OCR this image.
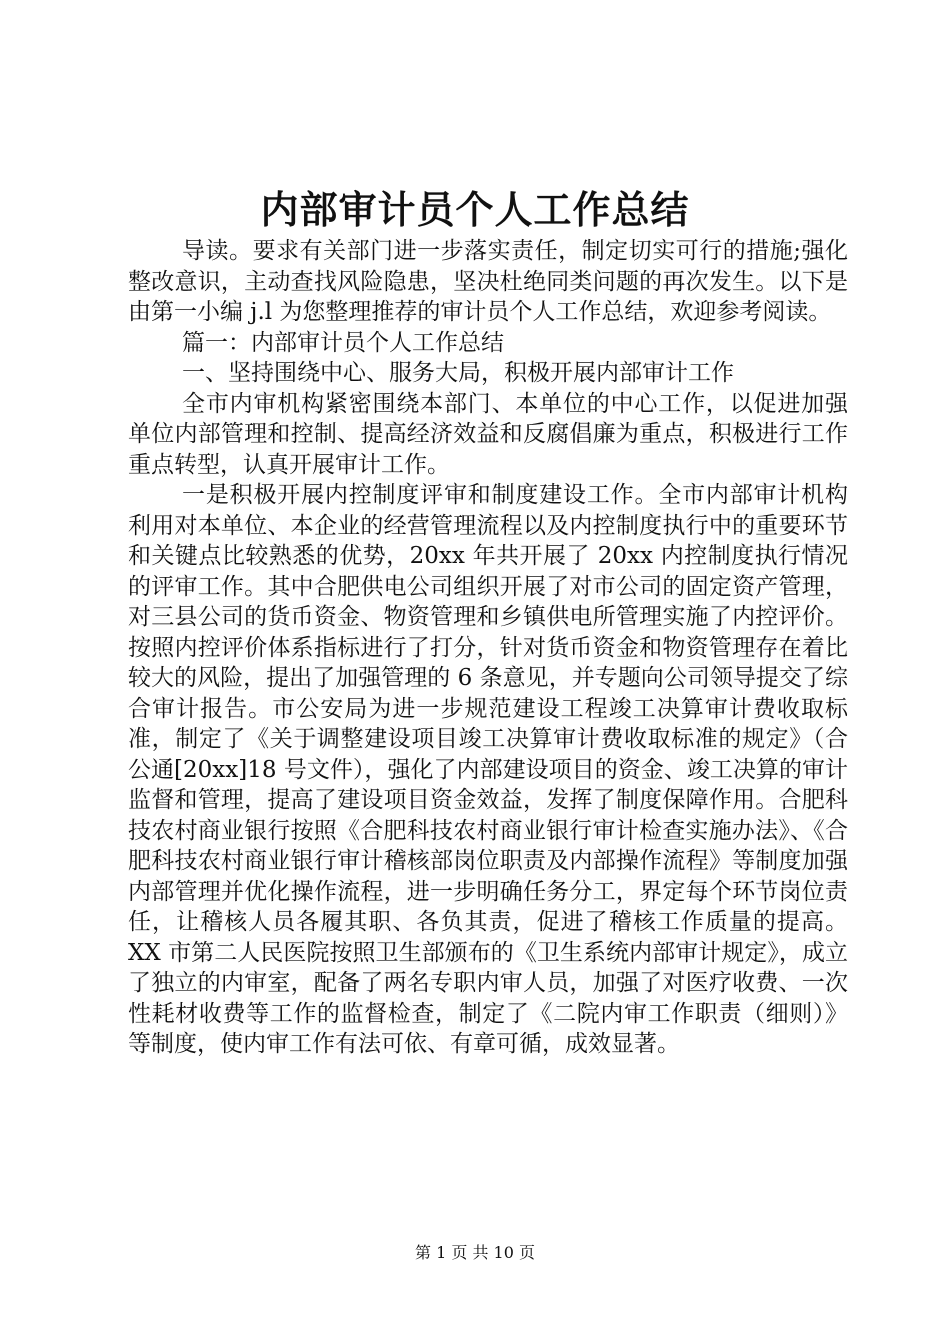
内部审计员个人工作总结

导读。要求有关部门进一步落实责任，制定切实可行的措施;强化整改意识，主动查找风险隐患，坚决杜绝同类问题的再次发生。以下是由第一小编 j.l 为您整理推荐的审计员个人工作总结，欢迎参考阅读。

篇一：内部审计员个人工作总结

一、坚持围绕中心、服务大局，积极开展内部审计工作

全市内审机构紧密围绕本部门、本单位的中心工作，以促进加强单位内部管理和控制、提高经济效益和反腐倡廉为重点，积极进行工作重点转型，认真开展审计工作。

一是积极开展内控制度评审和制度建设工作。全市内部审计机构利用对本单位、本企业的经营管理流程以及内控制度执行中的重要环节和关键点比较熟悉的优势，20xx 年共开展了 20xx 内控制度执行情况的评审工作。其中合肥供电公司组织开展了对市公司的固定资产管理，对三县公司的货币资金、物资管理和乡镇供电所管理实施了内控评价。按照内控评价体系指标进行了打分，针对货币资金和物资管理存在着比较大的风险，提出了加强管理的 6 条意见，并专题向公司领导提交了综合审计报告。市公安局为进一步规范建设工程竣工决算审计费收取标准，制定了《关于调整建设项目竣工决算审计费收取标准的规定》（合公通[20xx]18 号文件），强化了内部建设项目的资金、竣工决算的审计监督和管理，提高了建设项目资金效益，发挥了制度保障作用。合肥科技农村商业银行按照《合肥科技农村商业银行审计检查实施办法》、《合肥科技农村商业银行审计稽核部岗位职责及内部操作流程》等制度加强内部管理并优化操作流程，进一步明确任务分工，界定每个环节岗位责任，让稽核人员各履其职、各负其责，促进了稽核工作质量的提高。XX 市第二人民医院按照卫生部颁布的《卫生系统内部审计规定》，成立了独立的内审室，配备了两名专职内审人员，加强了对医疗收费、一次性耗材收费等工作的监督检查，制定了《二院内审工作职责（细则）》等制度，使内审工作有法可依、有章可循，成效显著。

第 1 页 共 10 页
